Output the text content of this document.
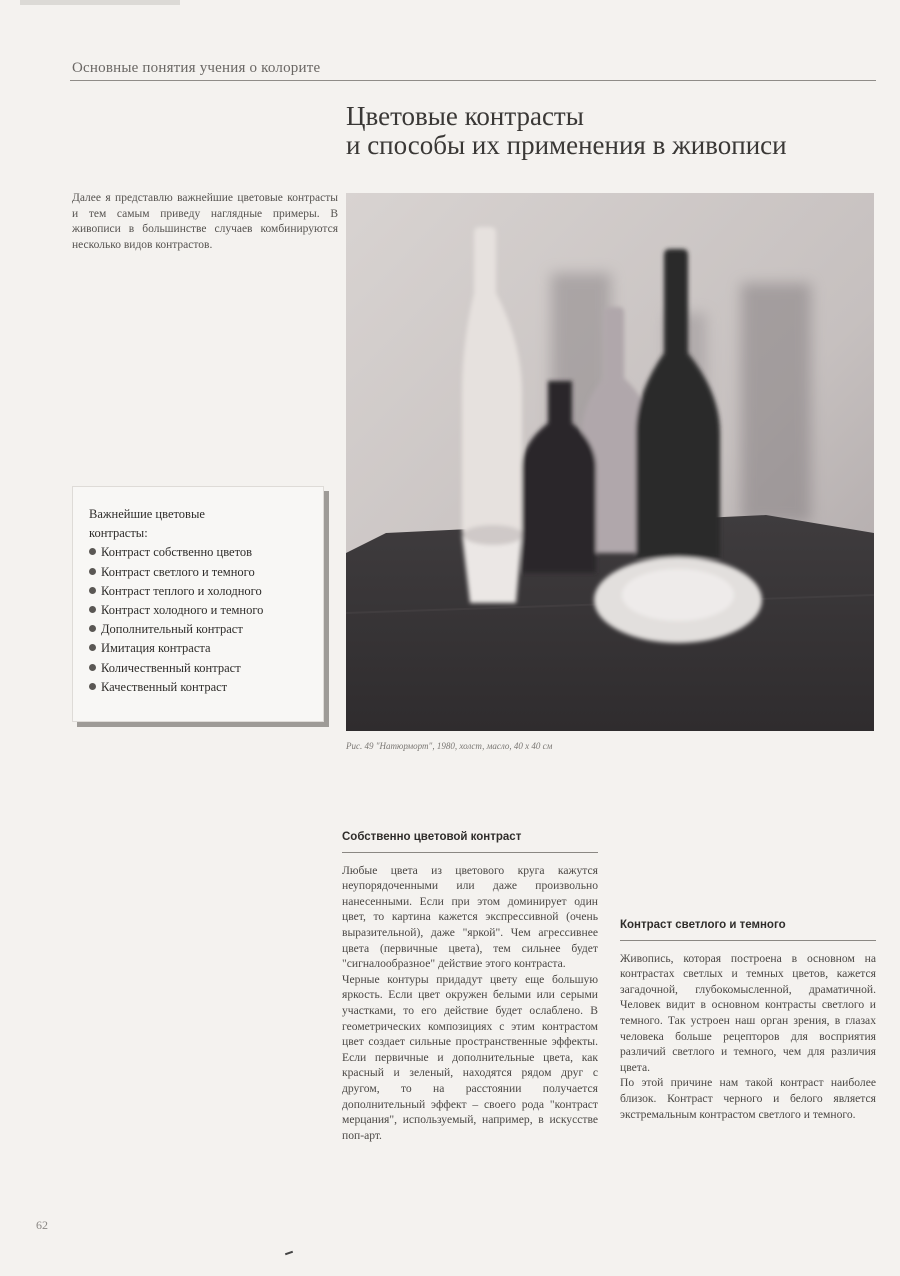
Основные понятия учения о колорите
Цветовые контрасты
и способы их применения в живописи

Далее я представлю важнейшие цветовые контрасты и тем самым приведу наглядные примеры. В живописи в большинстве случаев комбинируются несколько видов контрастов.

Важнейшие цветовые
контрасты:
Контраст собственно цветов
Контраст светлого и темного
Контраст теплого и холодного
Контраст холодного и темного
Дополнительный контраст
Имитация контраста
Количественный контраст
Качественный контраст

Рис. 49 "Натюрморт", 1980, холст, масло, 40 х 40 см

Собственно цветовой контраст

Любые цвета из цветового круга кажутся неупорядоченными или даже произвольно нанесенными. Если при этом доминирует один цвет, то картина кажется экспрессивной (очень выразительной), даже "яркой". Чем агрессивнее цвета (первичные цвета), тем сильнее будет "сигналообразное" действие этого контраста.

Черные контуры придадут цвету еще большую яркость. Если цвет окружен белыми или серыми участками, то его действие будет ослаблено. В геометрических композициях с этим контрастом цвет создает сильные пространственные эффекты. Если первичные и дополнительные цвета, как красный и зеленый, находятся рядом друг с другом, то на расстоянии получается дополнительный эффект – своего рода "контраст мерцания", используемый, например, в искусстве поп-арт.

Контраст светлого и темного

Живопись, которая построена в основном на контрастах светлых и темных цветов, кажется загадочной, глубокомысленной, драматичной. Человек видит в основном контрасты светлого и темного. Так устроен наш орган зрения, в глазах человека больше рецепторов для восприятия различий светлого и темного, чем для различия цвета.

По этой причине нам такой контраст наиболее близок. Контраст черного и белого является экстремальным контрастом светлого и темного.

62
